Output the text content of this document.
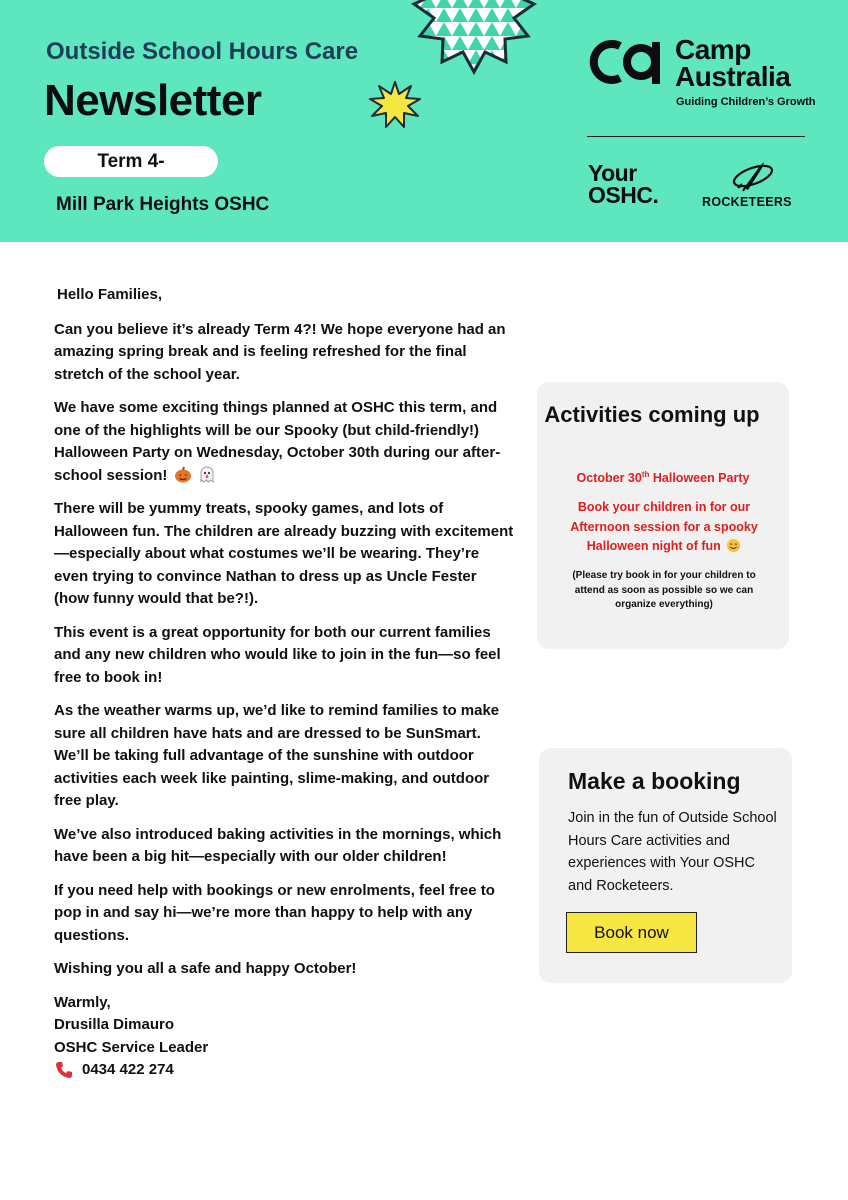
Outside School Hours Care
Newsletter
Term 4-
Mill Park Heights OSHC
Camp
Australia
Guiding Children’s Growth
Your
OSHC.	ROCKETEERS

Hello Families,

Can you believe it’s already Term 4?! We hope everyone had an amazing spring break and is feeling refreshed for the final stretch of the school year.

We have some exciting things planned at OSHC this term, and one of the highlights will be our Spooky (but child-friendly!) Halloween Party on Wednesday, October 30th during our after-school session!

There will be yummy treats, spooky games, and lots of Halloween fun. The children are already buzzing with excitement—especially about what costumes we’ll be wearing. They’re even trying to convince Nathan to dress up as Uncle Fester (how funny would that be?!).

This event is a great opportunity for both our current families and any new children who would like to join in the fun—so feel free to book in!

As the weather warms up, we’d like to remind families to make sure all children have hats and are dressed to be SunSmart. We’ll be taking full advantage of the sunshine with outdoor activities each week like painting, slime-making, and outdoor free play.

We’ve also introduced baking activities in the mornings, which have been a big hit—especially with our older children!

If you need help with bookings or new enrolments, feel free to pop in and say hi—we’re more than happy to help with any questions.

Wishing you all a safe and happy October!

Warmly,

Drusilla Dimauro

OSHC Service Leader

0434 422 274

Activities coming up
October 30th Halloween Party
Book your children in for our Afternoon session for a spooky Halloween night of fun
(Please try book in for your children to attend as soon as possible so we can organize everything)
Make a booking
Join in the fun of Outside School Hours Care activities and experiences with Your OSHC and Rocketeers.
Book now
